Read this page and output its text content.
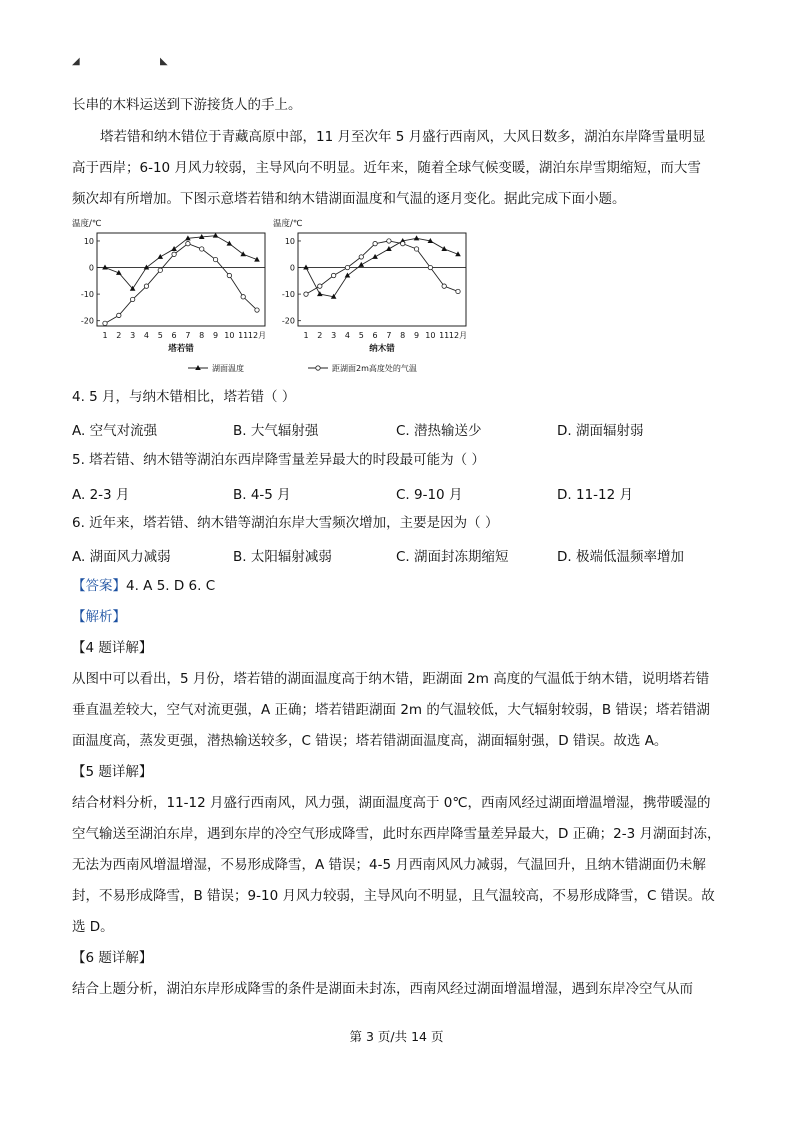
◢	◣
长串的木料运送到下游接货人的手上。
塔若错和纳木错位于青藏高原中部，11 月至次年 5 月盛行西南风，大风日数多，湖泊东岸降雪量明显
高于西岸；6-10 月风力较弱，主导风向不明显。近年来，随着全球气候变暖，湖泊东岸雪期缩短，而大雪
频次却有所增加。下图示意塔若错和纳木错湖面温度和气温的逐月变化。据此完成下面小题。
温度/℃
10
0
-10
-20
1 2 3 4 5 6 7 8 9 10 11 12月
塔若错
温度/℃
10
0
-10
-20
1 2 3 4 5 6 7 8 9 10 11 12月
纳木错
湖面温度	距湖面2m高度处的气温
4. 5 月，与纳木错相比，塔若错（ ）
A. 空气对流强	B. 大气辐射强	C. 潜热输送少	D. 湖面辐射弱
5. 塔若错、纳木错等湖泊东西岸降雪量差异最大的时段最可能为（ ）
A. 2-3 月	B. 4-5 月	C. 9-10 月	D. 11-12 月
6. 近年来，塔若错、纳木错等湖泊东岸大雪频次增加，主要是因为（ ）
A. 湖面风力减弱	B. 太阳辐射减弱	C. 湖面封冻期缩短	D. 极端低温频率增加
【答案】4. A 5. D 6. C
【解析】
【4 题详解】
从图中可以看出，5 月份，塔若错的湖面温度高于纳木错，距湖面 2m 高度的气温低于纳木错，说明塔若错
垂直温差较大，空气对流更强，A 正确；塔若错距湖面 2m 的气温较低，大气辐射较弱，B 错误；塔若错湖
面温度高，蒸发更强，潜热输送较多，C 错误；塔若错湖面温度高，湖面辐射强，D 错误。故选 A。
【5 题详解】
结合材料分析，11-12 月盛行西南风，风力强，湖面温度高于 0℃，西南风经过湖面增温增湿，携带暖湿的
空气输送至湖泊东岸，遇到东岸的冷空气形成降雪，此时东西岸降雪量差异最大，D 正确；2-3 月湖面封冻，
无法为西南风增温增湿，不易形成降雪，A 错误；4-5 月西南风风力减弱，气温回升，且纳木错湖面仍未解
封，不易形成降雪，B 错误；9-10 月风力较弱，主导风向不明显，且气温较高，不易形成降雪，C 错误。故
选 D。
【6 题详解】
结合上题分析，湖泊东岸形成降雪的条件是湖面未封冻，西南风经过湖面增温增湿，遇到东岸冷空气从而
第 3 页/共 14 页
